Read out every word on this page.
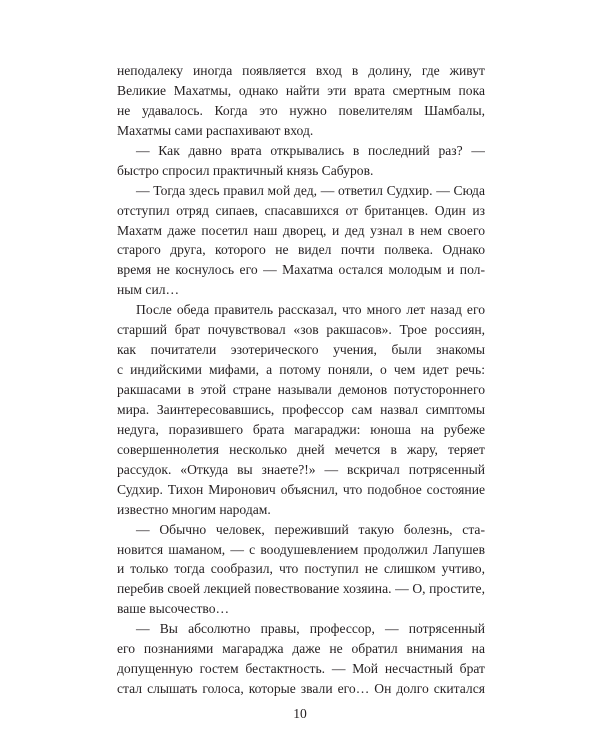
неподалеку иногда появляется вход в долину, где живут
Великие Махатмы, однако найти эти врата смертным пока
не удавалось. Когда это нужно повелителям Шамбалы,
Махатмы сами распахивают вход.
— Как давно врата открывались в последний раз? —
быстро спросил практичный князь Сабуров.
— Тогда здесь правил мой дед, — ответил Судхир. — Сюда
отступил отряд сипаев, спасавшихся от британцев. Один из
Махатм даже посетил наш дворец, и дед узнал в нем своего
старого друга, которого не видел почти полвека. Однако
время не коснулось его — Махатма остался молодым и пол-
ным сил…
После обеда правитель рассказал, что много лет назад его
старший брат почувствовал «зов ракшасов». Трое россиян,
как почитатели эзотерического учения, были знакомы
с индийскими мифами, а потому поняли, о чем идет речь:
ракшасами в этой стране называли демонов потустороннего
мира. Заинтересовавшись, профессор сам назвал симптомы
недуга, поразившего брата магараджи: юноша на рубеже
совершеннолетия несколько дней мечется в жару, теряет
рассудок. «Откуда вы знаете?!» — вскричал потрясенный
Судхир. Тихон Миронович объяснил, что подобное состояние
известно многим народам.
— Обычно человек, переживший такую болезнь, ста-
новится шаманом, — с воодушевлением продолжил Лапушев
и только тогда сообразил, что поступил не слишком учтиво,
перебив своей лекцией повествование хозяина. — О, простите,
ваше высочество…
— Вы абсолютно правы, профессор, — потрясенный
его познаниями магараджа даже не обратил внимания на
допущенную гостем бестактность. — Мой несчастный брат
стал слышать голоса, которые звали его… Он долго скитался
10
